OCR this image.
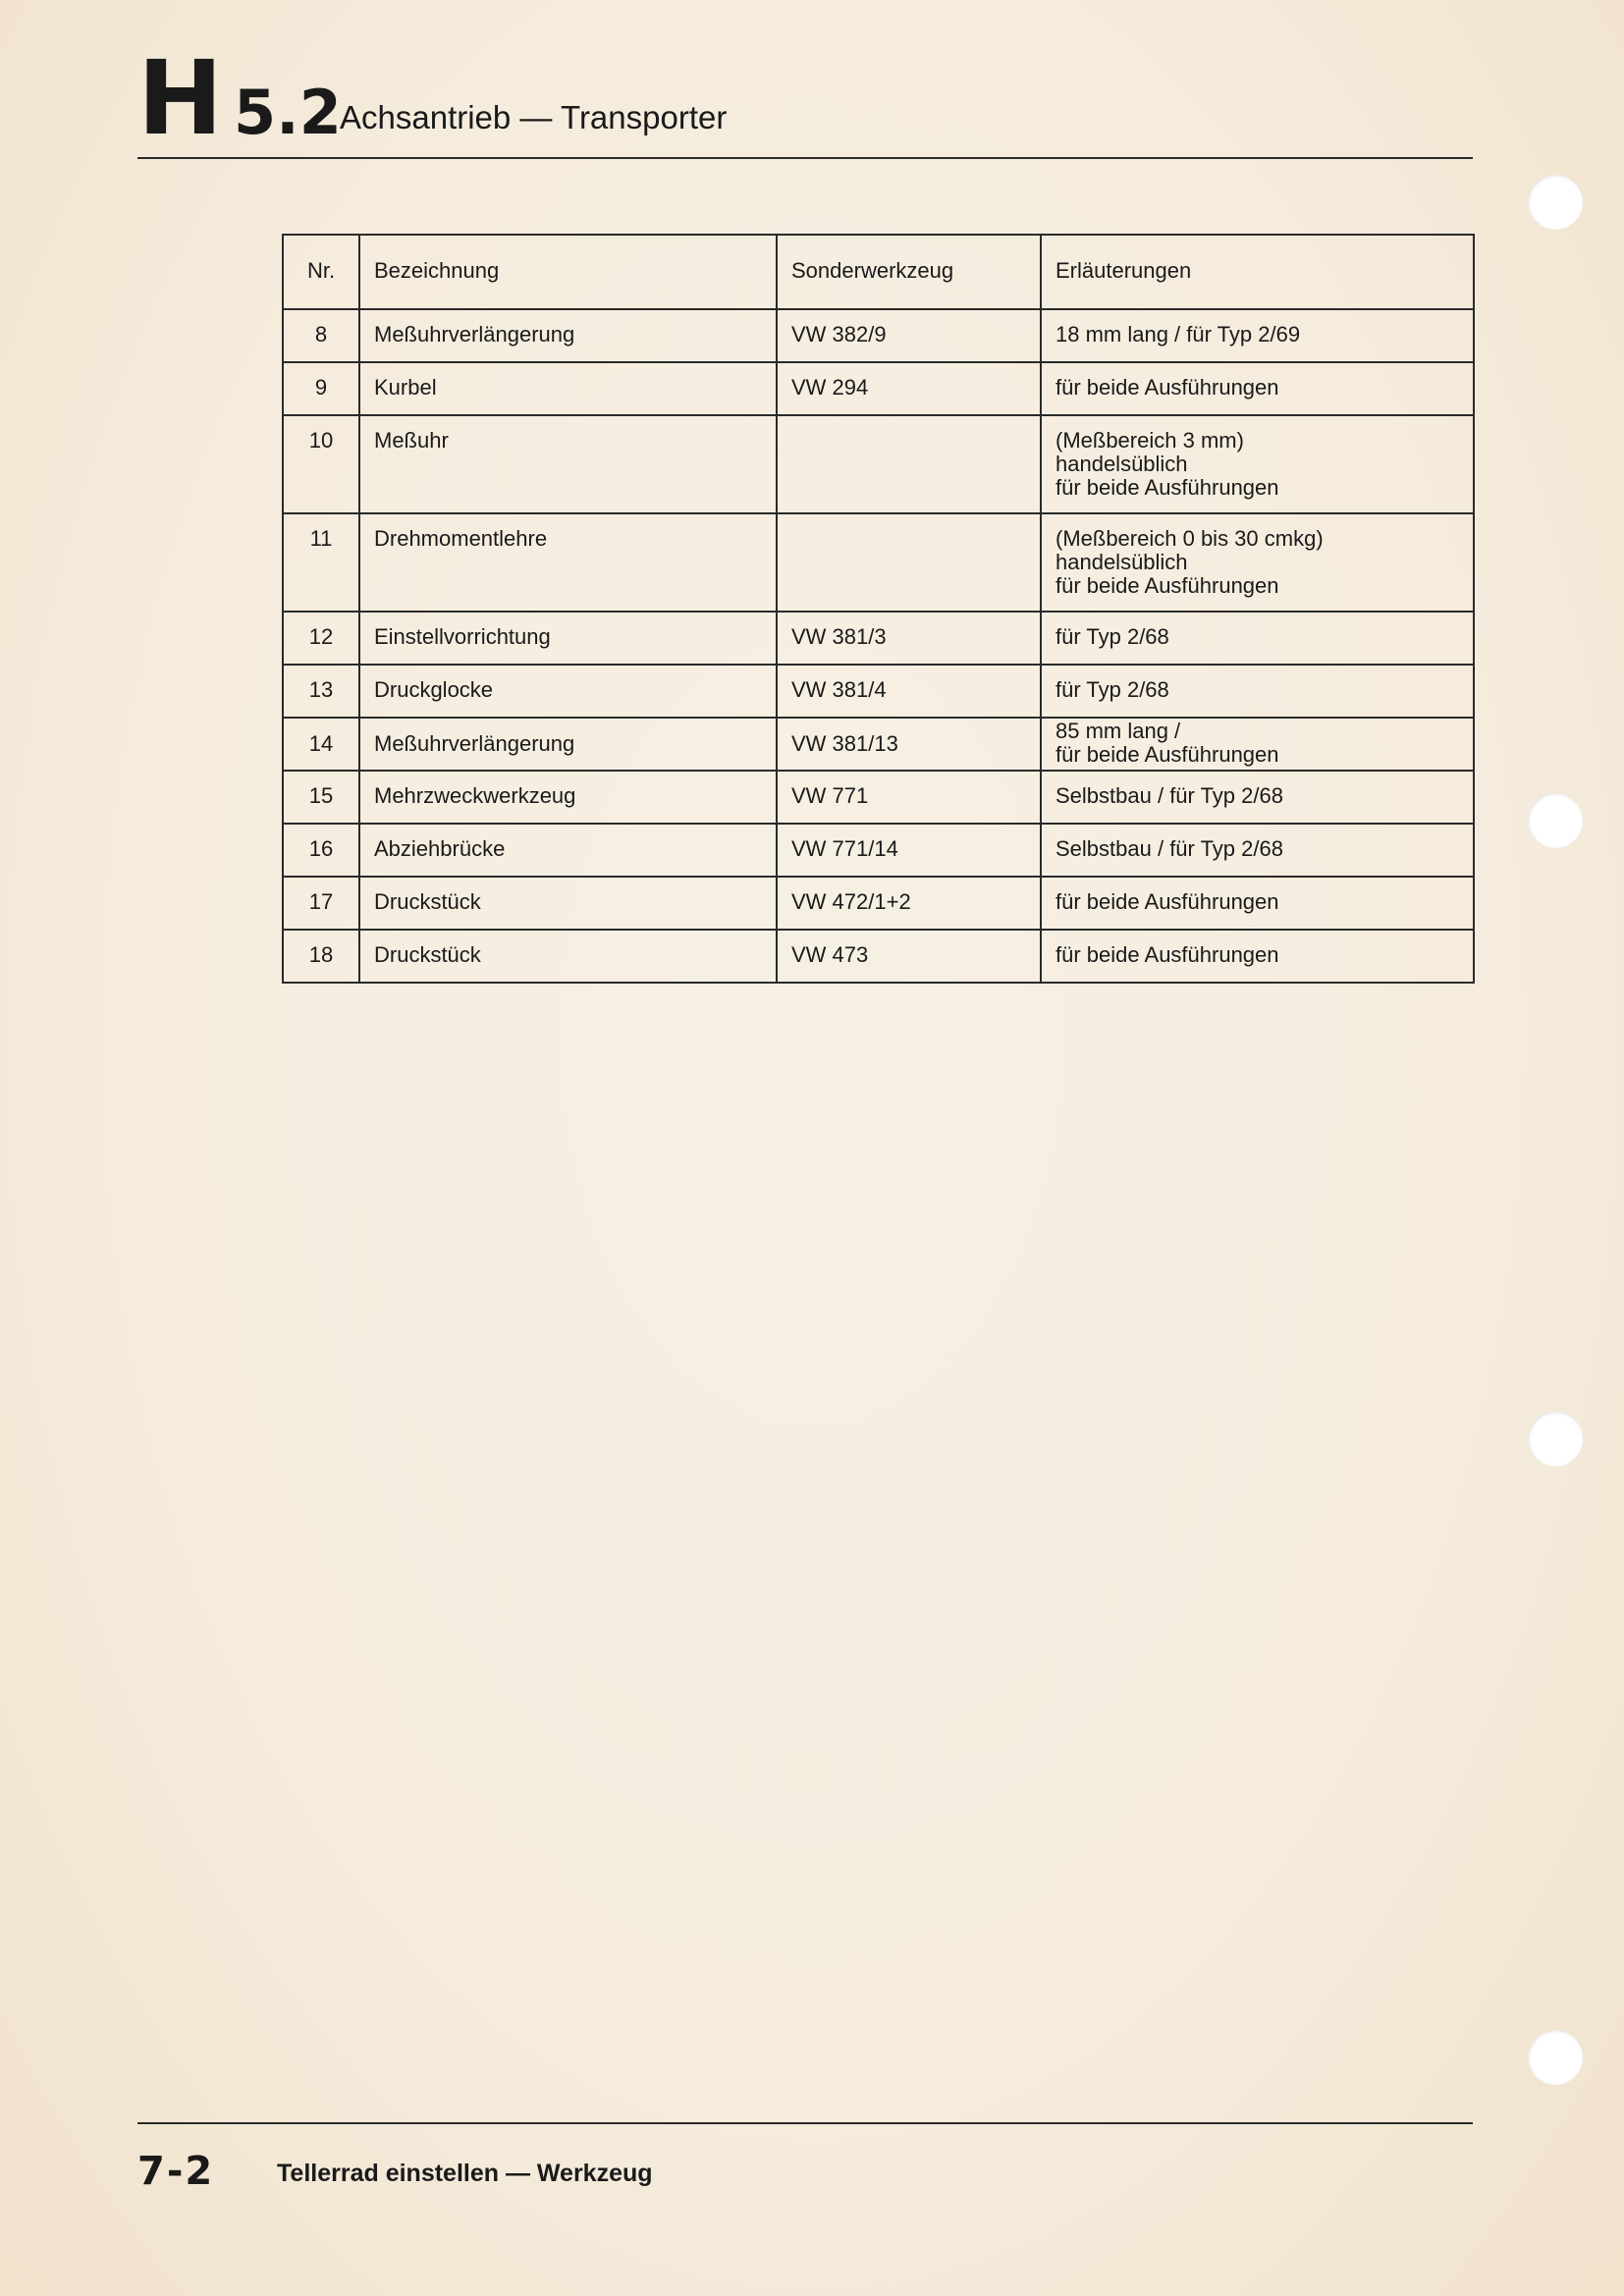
H 5.2
Achsantrieb — Transporter
Nr.	Bezeichnung	Sonderwerkzeug	Erläuterungen
8	Meßuhrverlängerung	VW 382/9	18 mm lang / für Typ 2/69

9	Kurbel	VW 294	für beide Ausführungen

10	Meßuhr		(Meßbereich 3 mm)
handelsüblich
für beide Ausführungen

11	Drehmomentlehre		(Meßbereich 0 bis 30 cmkg)
handelsüblich
für beide Ausführungen

12	Einstellvorrichtung	VW 381/3	für Typ 2/68

13	Druckglocke	VW 381/4	für Typ 2/68

14	Meßuhrverlängerung	VW 381/13	85 mm lang /
für beide Ausführungen

15	Mehrzweckwerkzeug	VW 771	Selbstbau / für Typ 2/68

16	Abziehbrücke	VW 771/14	Selbstbau / für Typ 2/68

17	Druckstück	VW 472/1+2	für beide Ausführungen

18	Druckstück	VW 473	für beide Ausführungen
7-2	Tellerrad einstellen — Werkzeug
